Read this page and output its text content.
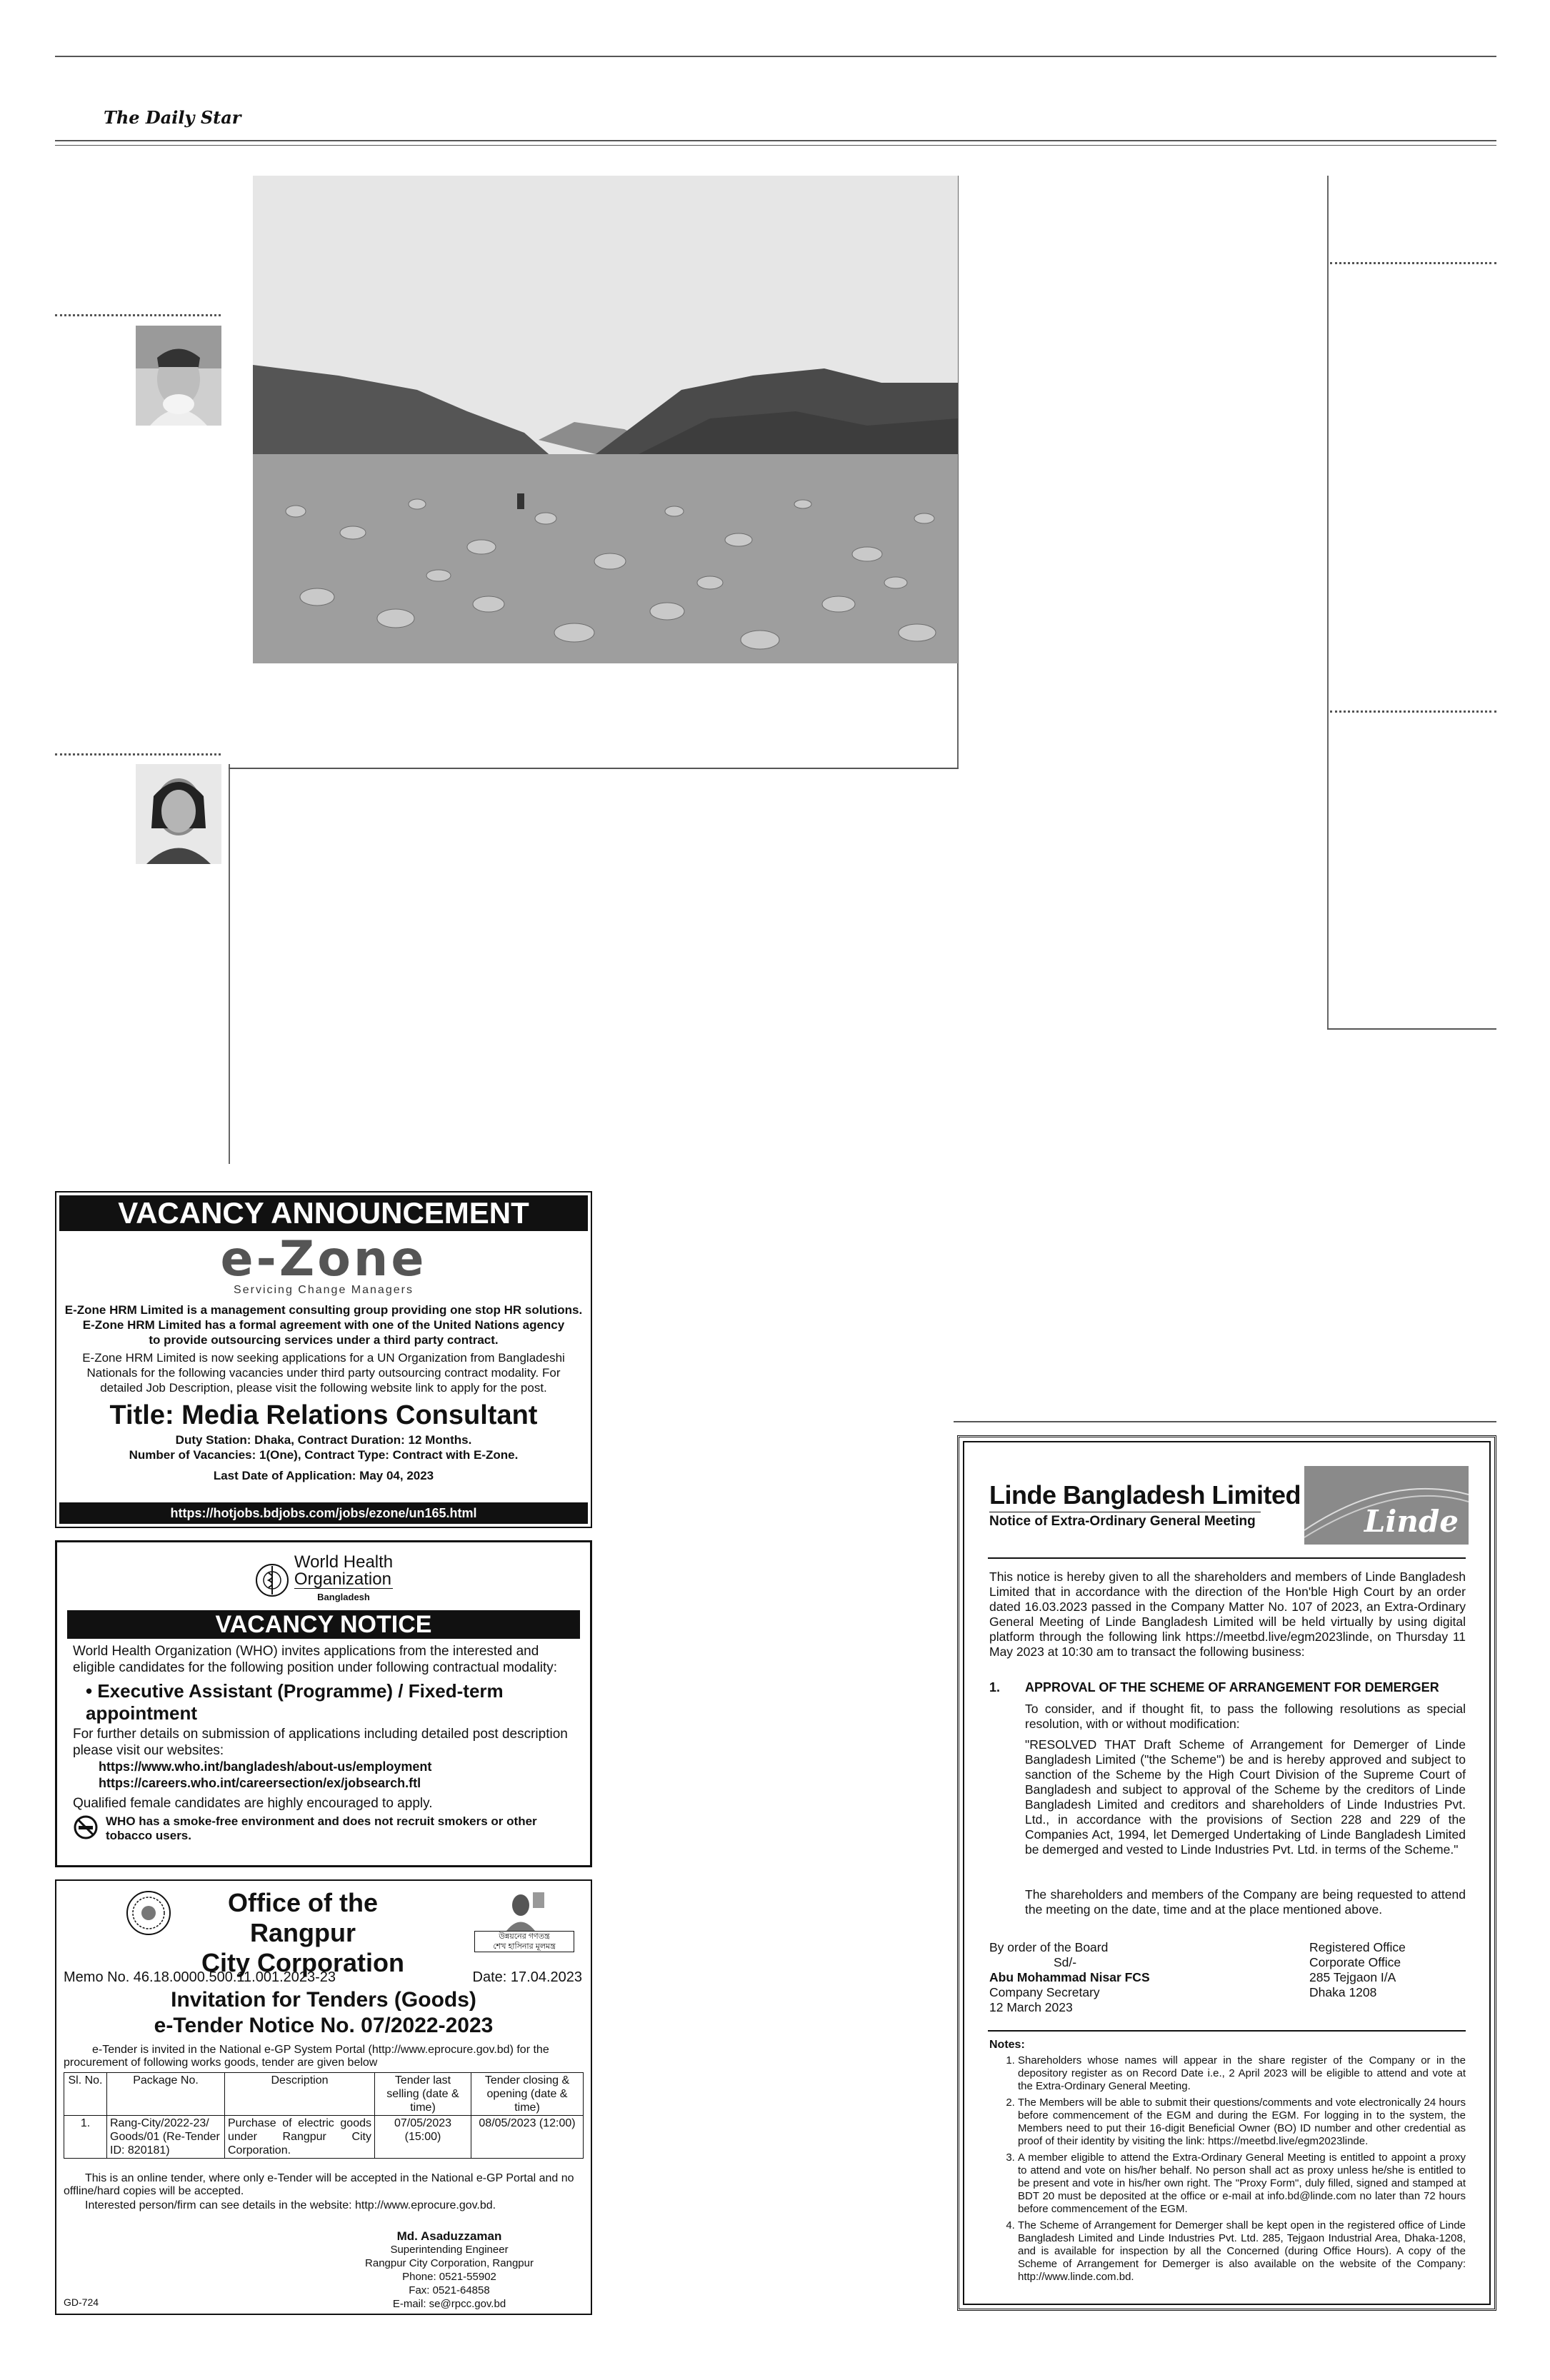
The Daily Star
VACANCY ANNOUNCEMENT
e-Zone
Servicing Change Managers
E-Zone HRM Limited is a management consulting group providing one stop HR solutions.
E-Zone HRM Limited has a formal agreement with one of the United Nations agency to provide outsourcing services under a third party contract.
E-Zone HRM Limited is now seeking applications for a UN Organization from Bangladeshi Nationals for the following vacancies under third party outsourcing contract modality. For detailed Job Description, please visit the following website link to apply for the post.
Title: Media Relations Consultant
Duty Station: Dhaka, Contract Duration: 12 Months.
Number of Vacancies: 1(One), Contract Type: Contract with E-Zone.
Last Date of Application: May 04, 2023
https://hotjobs.bdjobs.com/jobs/ezone/un165.html
World Health
Organization
Bangladesh
VACANCY NOTICE
World Health Organization (WHO) invites applications from the interested and eligible candidates for the following position under following contractual modality:
• Executive Assistant (Programme) / Fixed-term appointment
For further details on submission of applications including detailed post description please visit our websites:
https://www.who.int/bangladesh/about-us/employment
https://careers.who.int/careersection/ex/jobsearch.ftl
Qualified female candidates are highly encouraged to apply.
WHO has a smoke-free environment and does not recruit smokers or other tobacco users.
Office of the Rangpur
City Corporation
উন্নয়নের গণতন্ত্র
শেখ হাসিনার মূলমন্ত্র
Memo No. 46.18.0000.500.11.001.2023-23	Date: 17.04.2023
Invitation for Tenders (Goods)
e-Tender Notice No. 07/2022-2023
e-Tender is invited in the National e-GP System Portal (http://www.eprocure.gov.bd) for the procurement of following works goods, tender are given below
Sl. No.	Package No.	Description	Tender last selling (date & time)	Tender closing & opening (date & time)
1.	Rang-City/2022-23/ Goods/01 (Re-Tender ID: 820181)	Purchase of electric goods under Rangpur City Corporation.	07/05/2023 (15:00)	08/05/2023 (12:00)
This is an online tender, where only e-Tender will be accepted in the National e-GP Portal and no offline/hard copies will be accepted.
Interested person/firm can see details in the website: http://www.eprocure.gov.bd.
Md. Asaduzzaman
Superintending Engineer
Rangpur City Corporation, Rangpur
Phone: 0521-55902
Fax: 0521-64858
E-mail: se@rpcc.gov.bd
GD-724
Linde Bangladesh Limited
Notice of Extra-Ordinary General Meeting	Linde

This notice is hereby given to all the shareholders and members of Linde Bangladesh Limited that in accordance with the direction of the Hon'ble High Court by an order dated 16.03.2023 passed in the Company Matter No. 107 of 2023, an Extra-Ordinary General Meeting of Linde Bangladesh Limited will be held virtually by using digital platform through the following link https://meetbd.live/egm2023linde, on Thursday 11 May 2023 at 10:30 am to transact the following business:

1. APPROVAL OF THE SCHEME OF ARRANGEMENT FOR DEMERGER

To consider, and if thought fit, to pass the following resolutions as special resolution, with or without modification:

"RESOLVED THAT Draft Scheme of Arrangement for Demerger of Linde Bangladesh Limited ("the Scheme") be and is hereby approved and subject to sanction of the Scheme by the High Court Division of the Supreme Court of Bangladesh and subject to approval of the Scheme by the creditors of Linde Bangladesh Limited and creditors and shareholders of Linde Industries Pvt. Ltd., in accordance with the provisions of Section 228 and 229 of the Companies Act, 1994, let Demerged Undertaking of Linde Bangladesh Limited be demerged and vested to Linde Industries Pvt. Ltd. in terms of the Scheme."

The shareholders and members of the Company are being requested to attend the meeting on the date, time and at the place mentioned above.

By order of the Board
Sd/-
Abu Mohammad Nisar FCS
Company Secretary
12 March 2023
Registered Office
Corporate Office
285 Tejgaon I/A
Dhaka 1208
Notes:
1. Shareholders whose names will appear in the share register of the Company or in the depository register as on Record Date i.e., 2 April 2023 will be eligible to attend and vote at the Extra-Ordinary General Meeting.
2. The Members will be able to submit their questions/comments and vote electronically 24 hours before commencement of the EGM and during the EGM. For logging in to the system, the Members need to put their 16-digit Beneficial Owner (BO) ID number and other credential as proof of their identity by visiting the link: https://meetbd.live/egm2023linde.
3. A member eligible to attend the Extra-Ordinary General Meeting is entitled to appoint a proxy to attend and vote on his/her behalf. No person shall act as proxy unless he/she is entitled to be present and vote in his/her own right. The "Proxy Form", duly filled, signed and stamped at BDT 20 must be deposited at the office or e-mail at info.bd@linde.com no later than 72 hours before commencement of the EGM.
4. The Scheme of Arrangement for Demerger shall be kept open in the registered office of Linde Bangladesh Limited and Linde Industries Pvt. Ltd. 285, Tejgaon Industrial Area, Dhaka-1208, and is available for inspection by all the Concerned (during Office Hours). A copy of the Scheme of Arrangement for Demerger is also available on the website of the Company: http://www.linde.com.bd.
